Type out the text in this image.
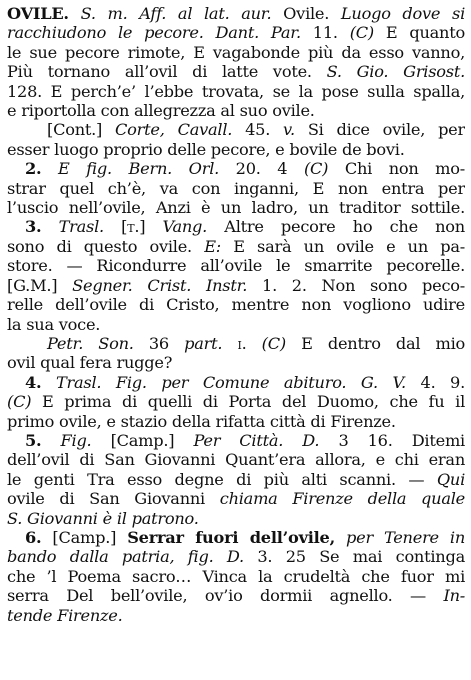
OVILE. S. m. Aff. al lat. aur. Ovile. Luogo dove si
racchiudono le pecore. Dant. Par. 11. (C) E quanto
le sue pecore rimote, E vagabonde più da esso vanno,
Più tornano all’ovil di latte vote. S. Gio. Grisost.
128. E perch’e’ l’ebbe trovata, se la pose sulla spalla,
e riportolla con allegrezza al suo ovile.
[Cont.] Corte, Cavall. 45. v. Si dice ovile, per
esser luogo proprio delle pecore, e bovile de bovi.
2. E fig. Bern. Orl. 20. 4 (C) Chi non mo-
strar quel ch’è, va con inganni, E non entra per
l’uscio nell’ovile, Anzi è un ladro, un traditor sottile.
3. Trasl. [t.] Vang. Altre pecore ho che non
sono di questo ovile. E: E sarà un ovile e un pa-
store. — Ricondurre all’ovile le smarrite pecorelle.
[G.M.] Segner. Crist. Instr. 1. 2. Non sono peco-
relle dell’ovile di Cristo, mentre non vogliono udire
la sua voce.
Petr. Son. 36 part. i. (C) E dentro dal mio
ovil qual fera rugge?
4. Trasl. Fig. per Comune abituro. G. V. 4. 9.
(C) E prima di quelli di Porta del Duomo, che fu il
primo ovile, e stazio della rifatta città di Firenze.
5. Fig. [Camp.] Per Città. D. 3 16. Ditemi
dell’ovil di San Giovanni Quant’era allora, e chi eran
le genti Tra esso degne di più alti scanni. — Qui
ovile di San Giovanni chiama Firenze della quale
S. Giovanni è il patrono.
6. [Camp.] Serrar fuori dell’ovile, per Tenere in
bando dalla patria, fig. D. 3. 25 Se mai continga
che ’l Poema sacro… Vinca la crudeltà che fuor mi
serra Del bell’ovile, ov’io dormii agnello. — In-
tende Firenze.
